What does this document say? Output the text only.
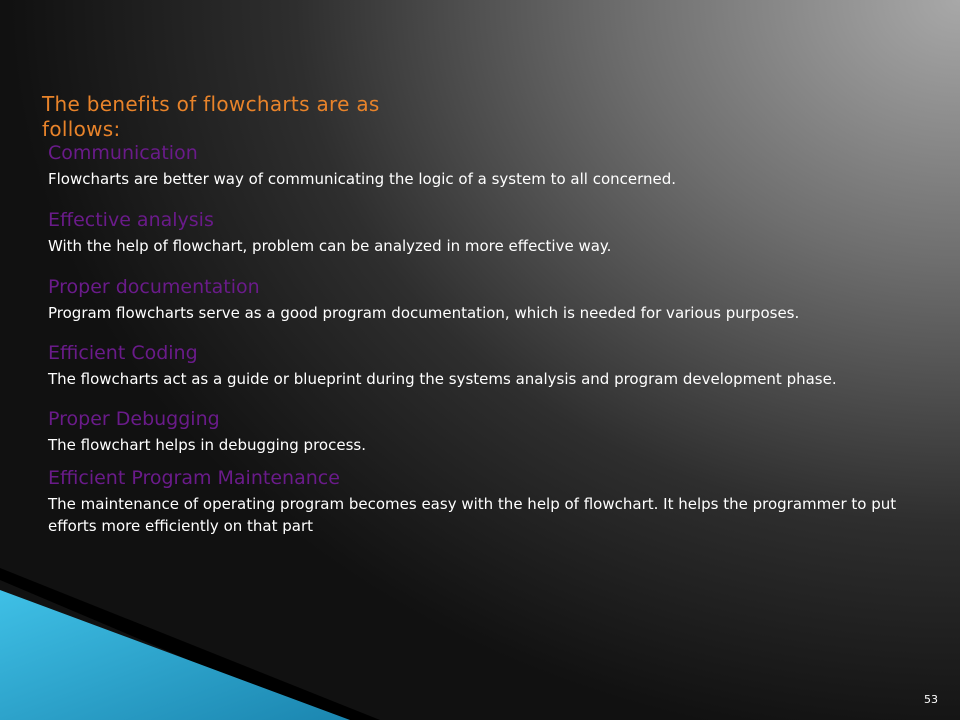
The benefits of flowcharts are as follows:
Communication
Flowcharts are better way of communicating the logic of a system to all concerned.
Effective analysis
With the help of flowchart, problem can be analyzed in more effective way.
Proper documentation
Program flowcharts serve as a good program documentation, which is needed for various purposes.
Efficient Coding
The flowcharts act as a guide or blueprint during the systems analysis and program development phase.
Proper Debugging
The flowchart helps in debugging process.
Efficient Program Maintenance
The maintenance of operating program becomes easy with the help of flowchart. It helps the programmer to put efforts more efficiently on that part
53
